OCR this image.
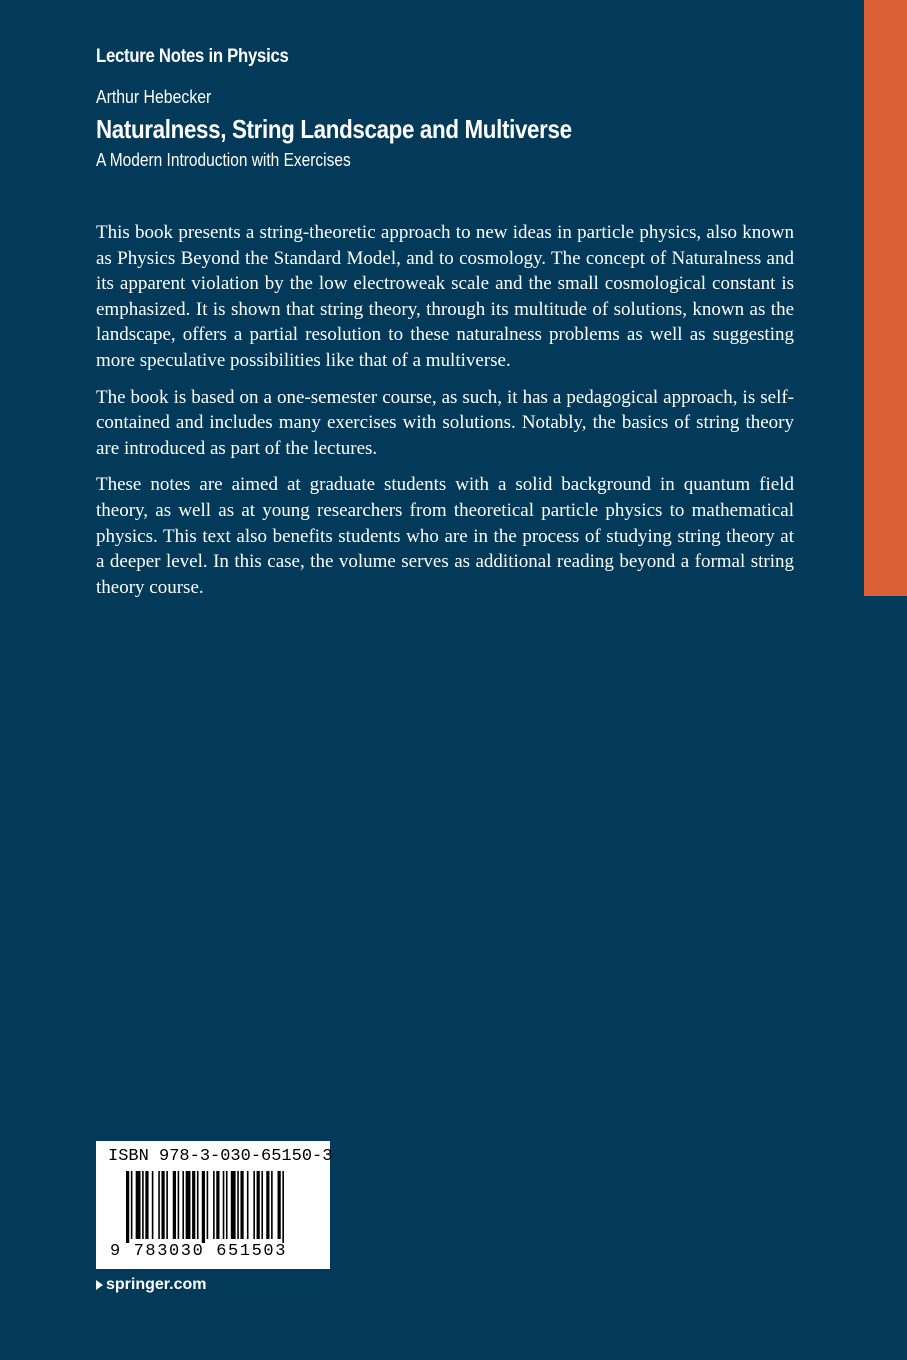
Lecture Notes in Physics
Arthur Hebecker
Naturalness, String Landscape and Multiverse
A Modern Introduction with Exercises

This book presents a string-theoretic approach to new ideas in particle physics, also known as Physics Beyond the Standard Model, and to cosmology. The concept of Naturalness and its apparent violation by the low electroweak scale and the small cosmological constant is emphasized. It is shown that string theory, through its multitude of solutions, known as the landscape, offers a partial resolution to these naturalness problems as well as suggesting more speculative possibilities like that of a multiverse.

The book is based on a one-semester course, as such, it has a pedagogical approach, is self-contained and includes many exercises with solutions. Notably, the basics of string theory are introduced as part of the lectures.

These notes are aimed at graduate students with a solid background in quantum field theory, as well as at young researchers from theoretical particle physics to mathematical physics. This text also benefits students who are in the process of studying string theory at a deeper level. In this case, the volume serves as additional reading beyond a formal string theory course.

ISBN 978-3-030-65150-3
9 783030 651503
springer.com
